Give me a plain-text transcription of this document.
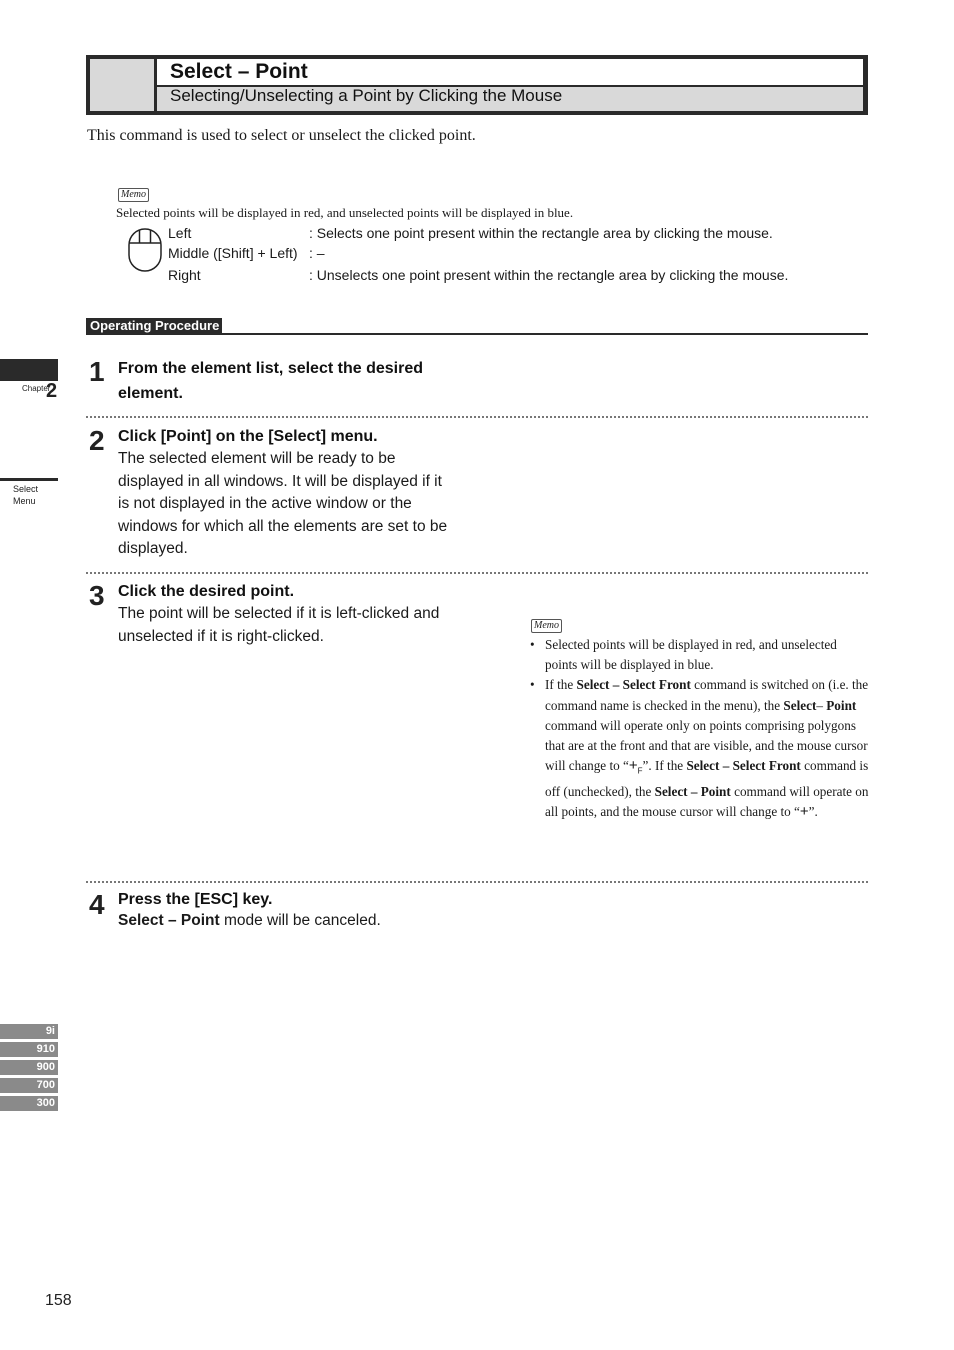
Select – Point
Selecting/Unselecting a Point by Clicking the Mouse
This command is used to select or unselect the clicked point.
Memo
Selected points will be displayed in red, and unselected points will be displayed in blue.
Left
Middle ([Shift] + Left)
Right
: Selects one point present within the rectangle area by clicking the mouse.
: –
: Unselects one point present within the rectangle area by clicking the mouse.
Operating Procedure
Chapter
2
Select
Menu
1 From the element list, select the desired element.
2 Click [Point] on the [Select] menu.
The selected element will be ready to be displayed in all windows. It will be displayed if it is not displayed in the active window or the windows for which all the elements are set to be displayed.
3 Click the desired point.
The point will be selected if it is left-clicked and unselected if it is right-clicked.
Memo
• Selected points will be displayed in red, and unselected points will be displayed in blue.
• If the Select – Select Front command is switched on (i.e. the command name is checked in the menu), the Select– Point command will operate only on points comprising polygons that are at the front and that are visible, and the mouse cursor will change to “$+_F$”. If the Select – Select Front command is off (unchecked), the Select – Point command will operate on all points, and the mouse cursor will change to “+”.
4 Press the [ESC] key.
Select – Point mode will be canceled.
9i
910
900
700
300
158
